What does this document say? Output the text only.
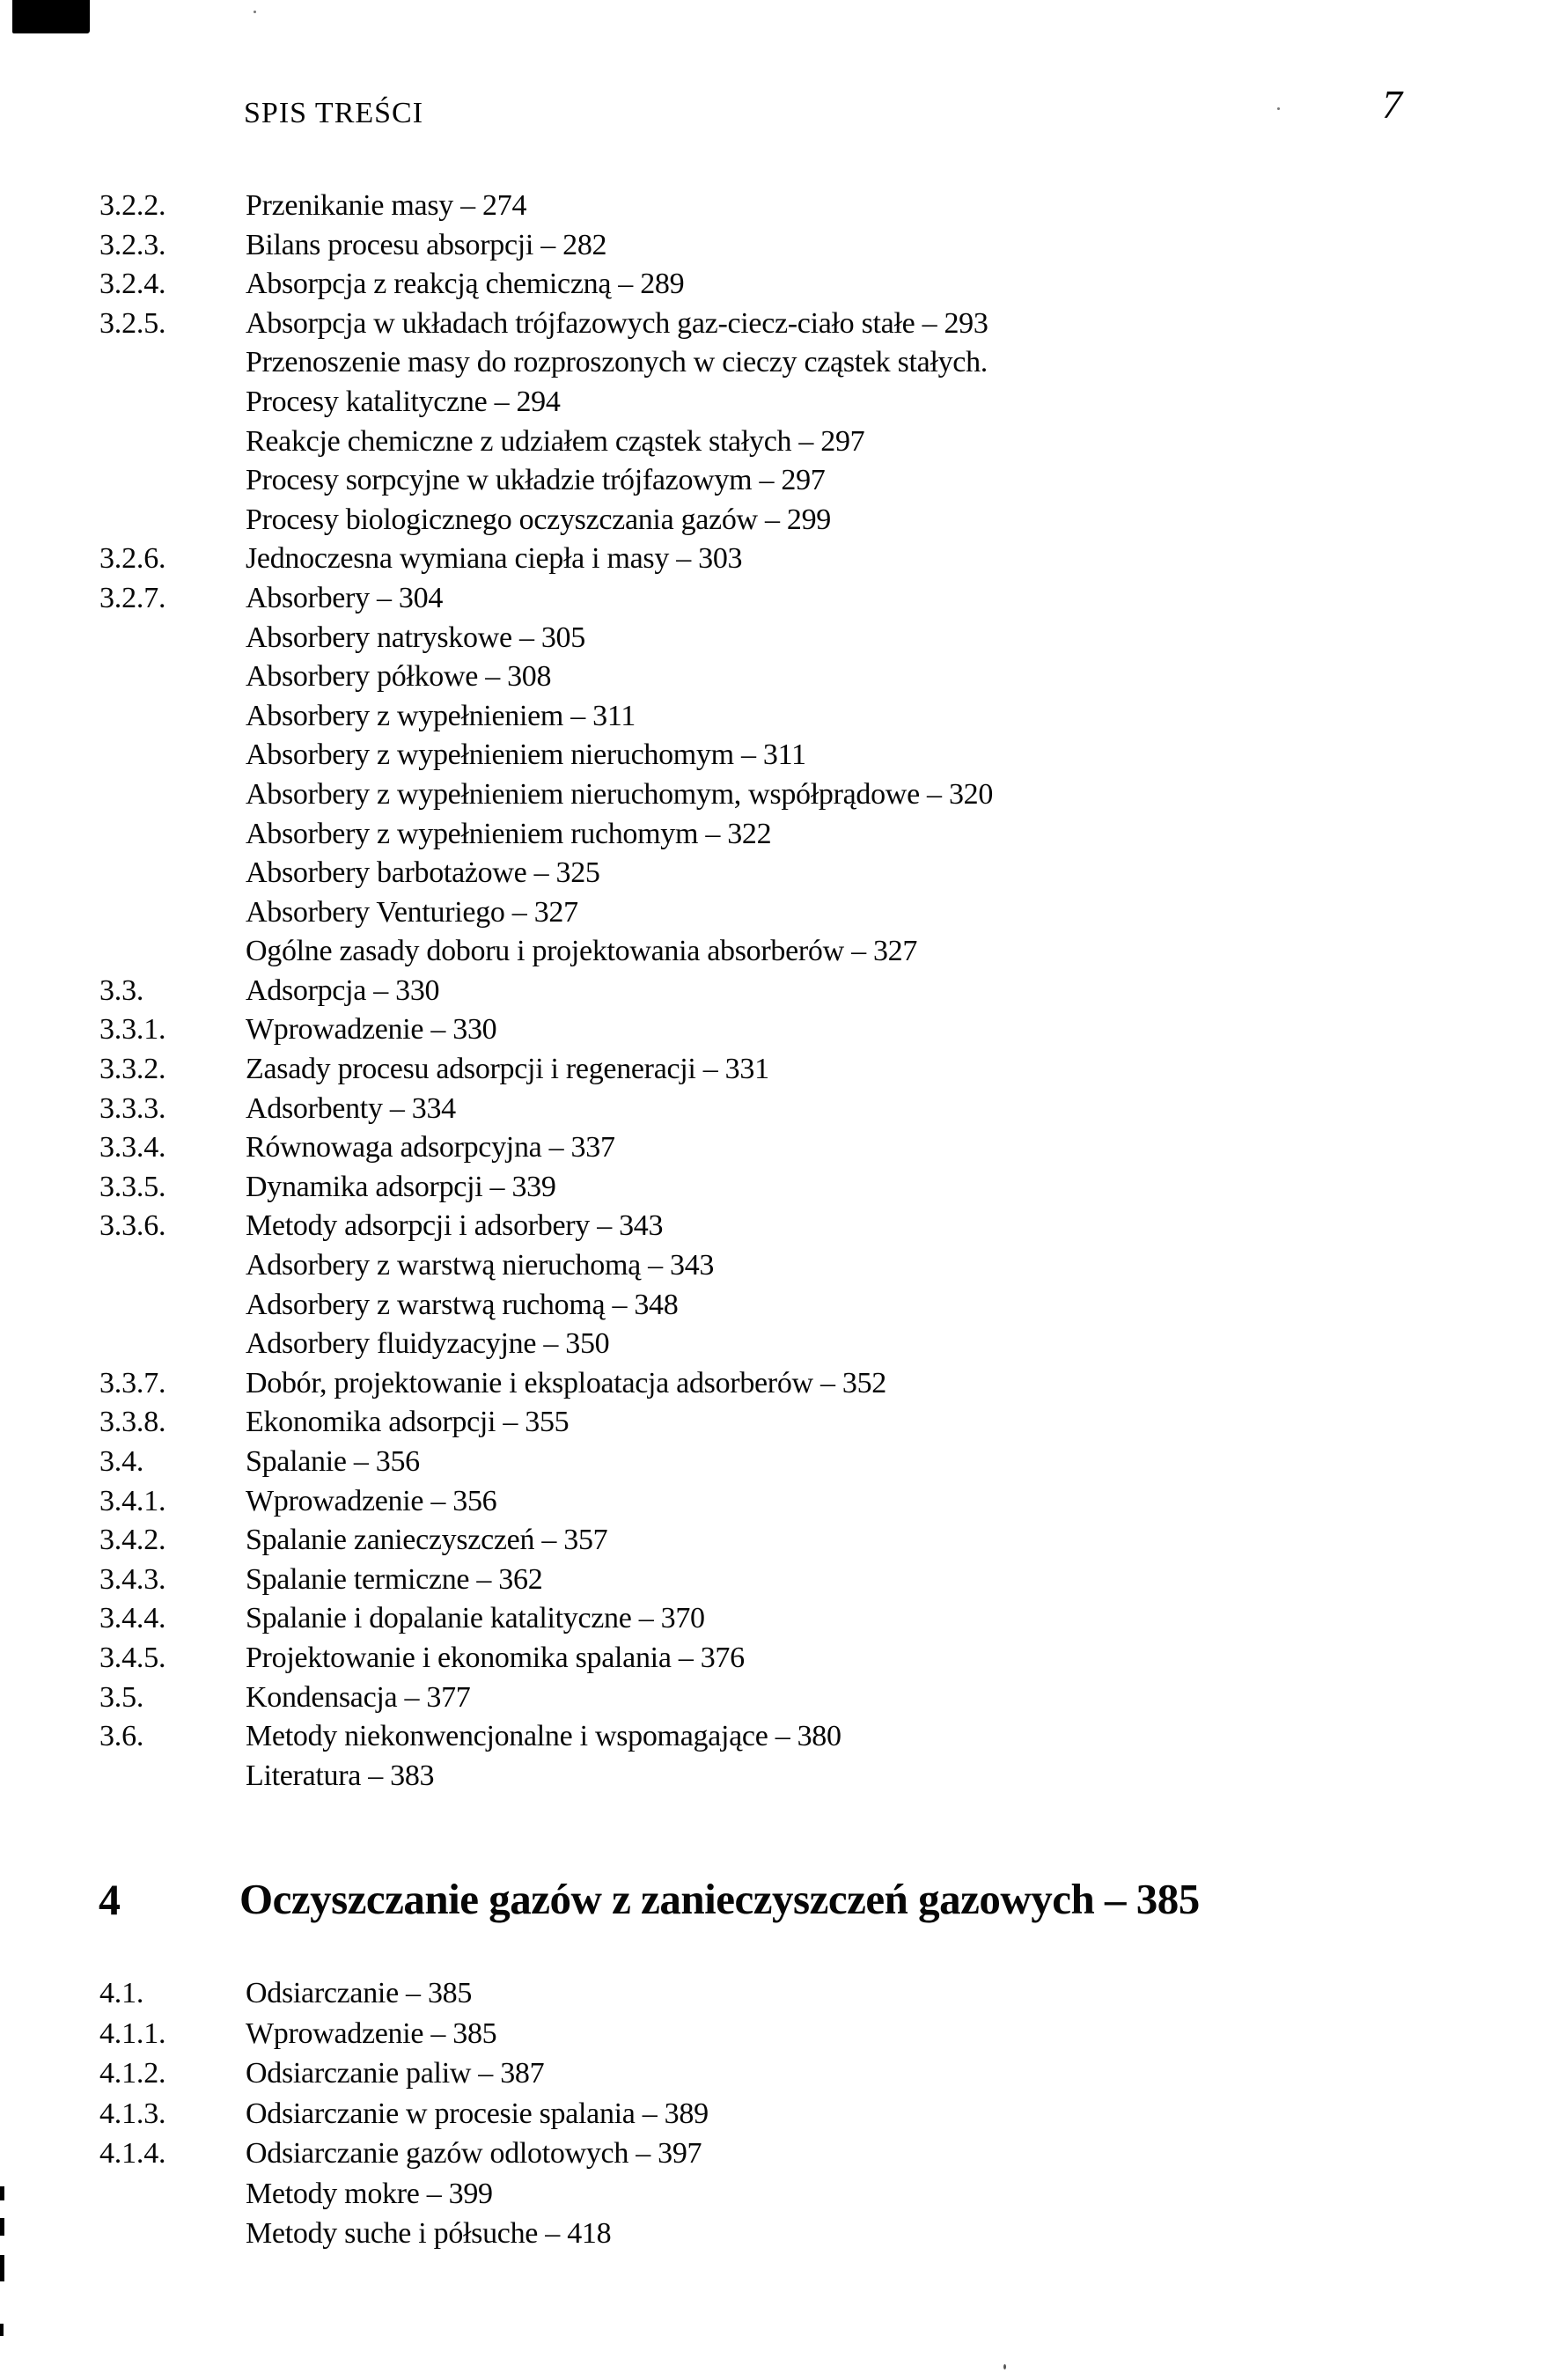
SPIS TREŚCI	7
3.2.2.	Przenikanie masy – 274
3.2.3.	Bilans procesu absorpcji – 282
3.2.4.	Absorpcja z reakcją chemiczną – 289
3.2.5.	Absorpcja w układach trójfazowych gaz-ciecz-ciało stałe – 293
Przenoszenie masy do rozproszonych w cieczy cząstek stałych.
Procesy katalityczne – 294
Reakcje chemiczne z udziałem cząstek stałych – 297
Procesy sorpcyjne w układzie trójfazowym – 297
Procesy biologicznego oczyszczania gazów – 299
3.2.6.	Jednoczesna wymiana ciepła i masy – 303
3.2.7.	Absorbery – 304
Absorbery natryskowe – 305
Absorbery półkowe – 308
Absorbery z wypełnieniem – 311
Absorbery z wypełnieniem nieruchomym – 311
Absorbery z wypełnieniem nieruchomym, współprądowe – 320
Absorbery z wypełnieniem ruchomym – 322
Absorbery barbotażowe – 325
Absorbery Venturiego – 327
Ogólne zasady doboru i projektowania absorberów – 327
3.3.	Adsorpcja – 330
3.3.1.	Wprowadzenie – 330
3.3.2.	Zasady procesu adsorpcji i regeneracji – 331
3.3.3.	Adsorbenty – 334
3.3.4.	Równowaga adsorpcyjna – 337
3.3.5.	Dynamika adsorpcji – 339
3.3.6.	Metody adsorpcji i adsorbery – 343
Adsorbery z warstwą nieruchomą – 343
Adsorbery z warstwą ruchomą – 348
Adsorbery fluidyzacyjne – 350
3.3.7.	Dobór, projektowanie i eksploatacja adsorberów – 352
3.3.8.	Ekonomika adsorpcji – 355
3.4.	Spalanie – 356
3.4.1.	Wprowadzenie – 356
3.4.2.	Spalanie zanieczyszczeń – 357
3.4.3.	Spalanie termiczne – 362
3.4.4.	Spalanie i dopalanie katalityczne – 370
3.4.5.	Projektowanie i ekonomika spalania – 376
3.5.	Kondensacja – 377
3.6.	Metody niekonwencjonalne i wspomagające – 380
Literatura – 383
4	Oczyszczanie gazów z zanieczyszczeń gazowych – 385
4.1.	Odsiarczanie – 385
4.1.1.	Wprowadzenie – 385
4.1.2.	Odsiarczanie paliw – 387
4.1.3.	Odsiarczanie w procesie spalania – 389
4.1.4.	Odsiarczanie gazów odlotowych – 397
Metody mokre – 399
Metody suche i półsuche – 418
